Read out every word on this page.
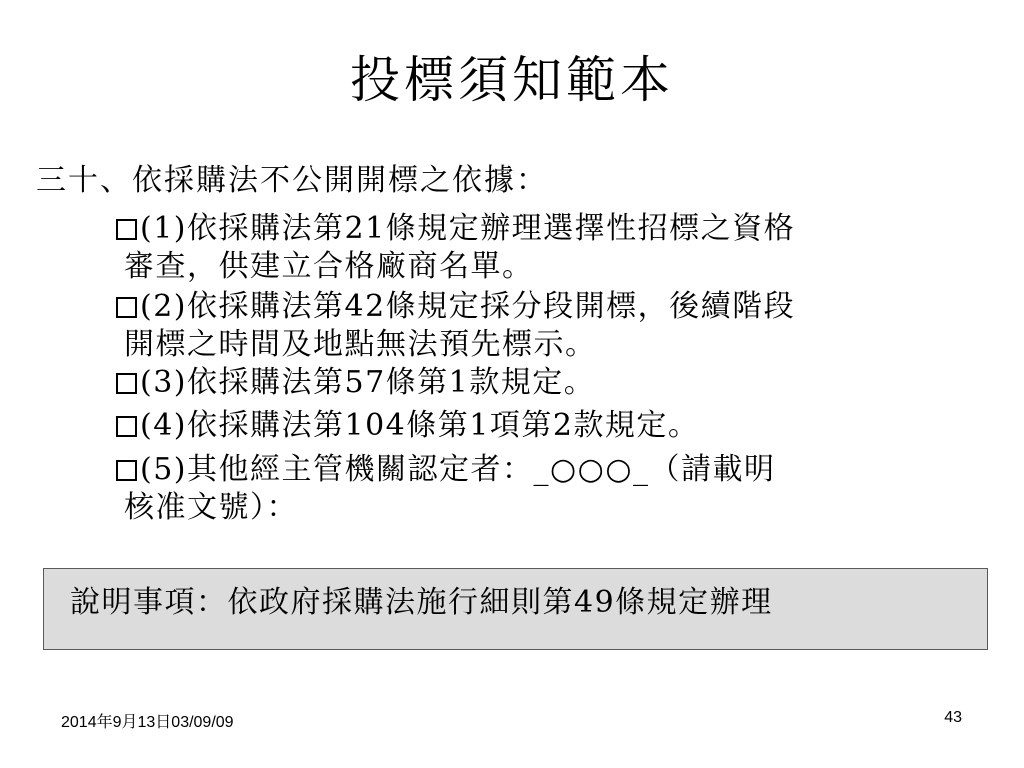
投標須知範本
三十、依採購法不公開開標之依據：
(1)依採購法第21條規定辦理選擇性招標之資格
審查，供建立合格廠商名單。
(2)依採購法第42條規定採分段開標，後續階段
開標之時間及地點無法預先標示。
(3)依採購法第57條第1款規定。
(4)依採購法第104條第1項第2款規定。
(5)其他經主管機關認定者：_○○○_（請載明
核准文號）：
說明事項：依政府採購法施行細則第49條規定辦理
2014年9月13日03/09/09	43
